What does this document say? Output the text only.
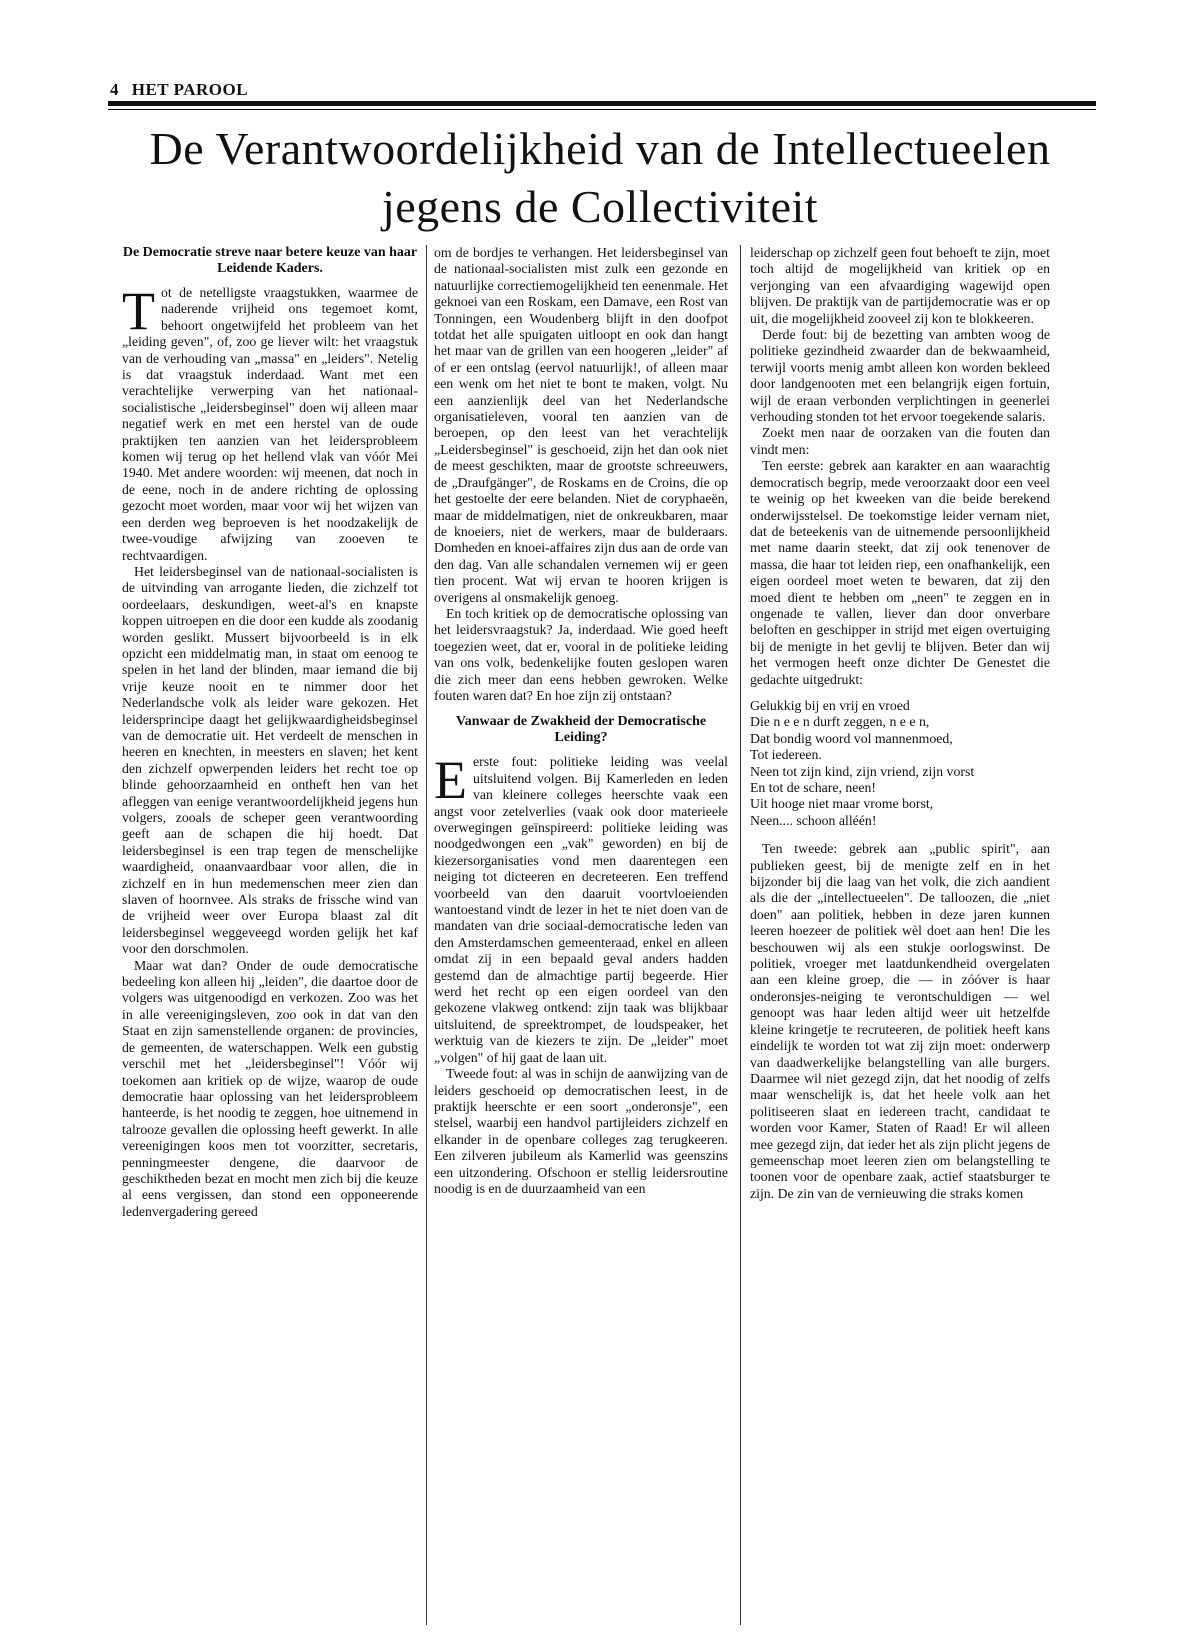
4 HET PAROOL
De Verantwoordelijkheid van de Intellectueelen
jegens de Collectiviteit
De Democratie streve naar betere keuze van haar Leidende Kaders.

Tot de netelligste vraagstukken, waarmee de naderende vrijheid ons tegemoet komt, behoort ongetwijfeld het probleem van het „leiding geven", of, zoo ge liever wilt: het vraagstuk van de verhouding van „massa" en „leiders". Netelig is dat vraagstuk inderdaad. Want met een verachtelijke verwerping van het nationaal-socialistische „leidersbeginsel" doen wij alleen maar negatief werk en met een herstel van de oude praktijken ten aanzien van het leidersprobleem komen wij terug op het hellend vlak van vóór Mei 1940. Met andere woorden: wij meenen, dat noch in de eene, noch in de andere richting de oplossing gezocht moet worden, maar voor wij het wijzen van een derden weg beproeven is het noodzakelijk de twee-voudige afwijzing van zooeven te rechtvaardigen.

Het leidersbeginsel van de nationaal-socialisten is de uitvinding van arrogante lieden, die zichzelf tot oordeelaars, deskundigen, weet-al's en knapste koppen uitroepen en die door een kudde als zoodanig worden geslikt. Mussert bijvoorbeeld is in elk opzicht een middelmatig man, in staat om eenoog te spelen in het land der blinden, maar iemand die bij vrije keuze nooit en te nimmer door het Nederlandsche volk als leider ware gekozen. Het leidersprincipe daagt het gelijkwaardigheidsbeginsel van de democratie uit. Het verdeelt de menschen in heeren en knechten, in meesters en slaven; het kent den zichzelf opwerpenden leiders het recht toe op blinde gehoorzaamheid en ontheft hen van het afleggen van eenige verantwoordelijkheid jegens hun volgers, zooals de scheper geen verantwoording geeft aan de schapen die hij hoedt. Dat leidersbeginsel is een trap tegen de menschelijke waardigheid, onaanvaardbaar voor allen, die in zichzelf en in hun medemenschen meer zien dan slaven of hoornvee. Als straks de frissche wind van de vrijheid weer over Europa blaast zal dit leidersbeginsel weggeveegd worden gelijk het kaf voor den dorschmolen.

Maar wat dan? Onder de oude democratische bedeeling kon alleen hij „leiden", die daartoe door de volgers was uitgenoodigd en verkozen. Zoo was het in alle vereenigingsleven, zoo ook in dat van den Staat en zijn samenstellende organen: de provincies, de gemeenten, de waterschappen. Welk een gubstig verschil met het „leidersbeginsel"! Vóór wij toekomen aan kritiek op de wijze, waarop de oude democratie haar oplossing van het leidersprobleem hanteerde, is het noodig te zeggen, hoe uitnemend in talrooze gevallen die oplossing heeft gewerkt. In alle vereenigingen koos men tot voorzitter, secretaris, penningmeester dengene, die daarvoor de geschiktheden bezat en mocht men zich bij die keuze al eens vergissen, dan stond een opponeerende ledenvergadering gereed

om de bordjes te verhangen. Het leidersbeginsel van de nationaal-socialisten mist zulk een gezonde en natuurlijke correctiemogelijkheid ten eenenmale. Het geknoei van een Roskam, een Damave, een Rost van Tonningen, een Woudenberg blijft in den doofpot totdat het alle spuigaten uitloopt en ook dan hangt het maar van de grillen van een hoogeren „leider" af of er een ontslag (eervol natuurlijk!, of alleen maar een wenk om het niet te bont te maken, volgt. Nu een aanzienlijk deel van het Nederlandsche organisatieleven, vooral ten aanzien van de beroepen, op den leest van het verachtelijk „Leidersbeginsel" is geschoeid, zijn het dan ook niet de meest geschikten, maar de grootste schreeuwers, de „Draufgänger", de Roskams en de Croins, die op het gestoelte der eere belanden. Niet de coryphaeën, maar de middelmatigen, niet de onkreukbaren, maar de knoeiers, niet de werkers, maar de bulderaars. Domheden en knoei-affaires zijn dus aan de orde van den dag. Van alle schandalen vernemen wij er geen tien procent. Wat wij ervan te hooren krijgen is overigens al onsmakelijk genoeg.

En toch kritiek op de democratische oplossing van het leidersvraagstuk? Ja, inderdaad. Wie goed heeft toegezien weet, dat er, vooral in de politieke leiding van ons volk, bedenkelijke fouten geslopen waren die zich meer dan eens hebben gewroken. Welke fouten waren dat? En hoe zijn zij ontstaan?

Vanwaar de Zwakheid der Democratische Leiding?

Eerste fout: politieke leiding was veelal uitsluitend volgen. Bij Kamerleden en leden van kleinere colleges heerschte vaak een angst voor zetelverlies (vaak ook door materieele overwegingen geïnspireerd: politieke leiding was noodgedwongen een „vak" geworden) en bij de kiezersorganisaties vond men daarentegen een neiging tot dicteeren en decreteeren. Een treffend voorbeeld van den daaruit voortvloeienden wantoestand vindt de lezer in het te niet doen van de mandaten van drie sociaal-democratische leden van den Amsterdamschen gemeenteraad, enkel en alleen omdat zij in een bepaald geval anders hadden gestemd dan de almachtige partij begeerde. Hier werd het recht op een eigen oordeel van den gekozene vlakweg ontkend: zijn taak was blijkbaar uitsluitend, de spreektrompet, de loudspeaker, het werktuig van de kiezers te zijn. De „leider" moet „volgen" of hij gaat de laan uit.

Tweede fout: al was in schijn de aanwijzing van de leiders geschoeid op democratischen leest, in de praktijk heerschte er een soort „onderonsje", een stelsel, waarbij een handvol partijleiders zichzelf en elkander in de openbare colleges zag terugkeeren. Een zilveren jubileum als Kamerlid was geenszins een uitzondering. Ofschoon er stellig leidersroutine noodig is en de duurzaamheid van een

leiderschap op zichzelf geen fout behoeft te zijn, moet toch altijd de mogelijkheid van kritiek op en verjonging van een afvaardiging wagewijd open blijven. De praktijk van de partijdemocratie was er op uit, die mogelijkheid zooveel zij kon te blokkeeren.

Derde fout: bij de bezetting van ambten woog de politieke gezindheid zwaarder dan de bekwaamheid, terwijl voorts menig ambt alleen kon worden bekleed door landgenooten met een belangrijk eigen fortuin, wijl de eraan verbonden verplichtingen in geenerlei verhouding stonden tot het ervoor toegekende salaris.

Zoekt men naar de oorzaken van die fouten dan vindt men:

Ten eerste: gebrek aan karakter en aan waarachtig democratisch begrip, mede veroorzaakt door een veel te weinig op het kweeken van die beide berekend onderwijsstelsel. De toekomstige leider vernam niet, dat de beteekenis van de uitnemende persoonlijkheid met name daarin steekt, dat zij ook tenenover de massa, die haar tot leiden riep, een onafhankelijk, een eigen oordeel moet weten te bewaren, dat zij den moed dient te hebben om „neen" te zeggen en in ongenade te vallen, liever dan door onverbare beloften en geschipper in strijd met eigen overtuiging bij de menigte in het gevlij te blijven. Beter dan wij het vermogen heeft onze dichter De Genestet die gedachte uitgedrukt:

Gelukkig bij en vrij en vroed
Die n e e n durft zeggen, n e e n,
Dat bondig woord vol mannenmoed,
Tot iedereen.
Neen tot zijn kind, zijn vriend, zijn vorst
En tot de schare, neen!
Uit hooge niet maar vrome borst,
Neen.... schoon alléén!

Ten tweede: gebrek aan „public spirit", aan publieken geest, bij de menigte zelf en in het bijzonder bij die laag van het volk, die zich aandient als die der „intellectueelen". De talloozen, die „niet doen" aan politiek, hebben in deze jaren kunnen leeren hoezeer de politiek wèl doet aan hen! Die les beschouwen wij als een stukje oorlogswinst. De politiek, vroeger met laatdunkendheid overgelaten aan een kleine groep, die — in zóóver is haar onderonsjes-neiging te verontschuldigen — wel genoopt was haar leden altijd weer uit hetzelfde kleine kringetje te recruteeren, de politiek heeft kans eindelijk te worden tot wat zij zijn moet: onderwerp van daadwerkelijke belangstelling van alle burgers. Daarmee wil niet gezegd zijn, dat het noodig of zelfs maar wenschelijk is, dat het heele volk aan het politiseeren slaat en iedereen tracht, candidaat te worden voor Kamer, Staten of Raad! Er wil alleen mee gezegd zijn, dat ieder het als zijn plicht jegens de gemeenschap moet leeren zien om belangstelling te toonen voor de openbare zaak, actief staatsburger te zijn. De zin van de vernieuwing die straks komen
